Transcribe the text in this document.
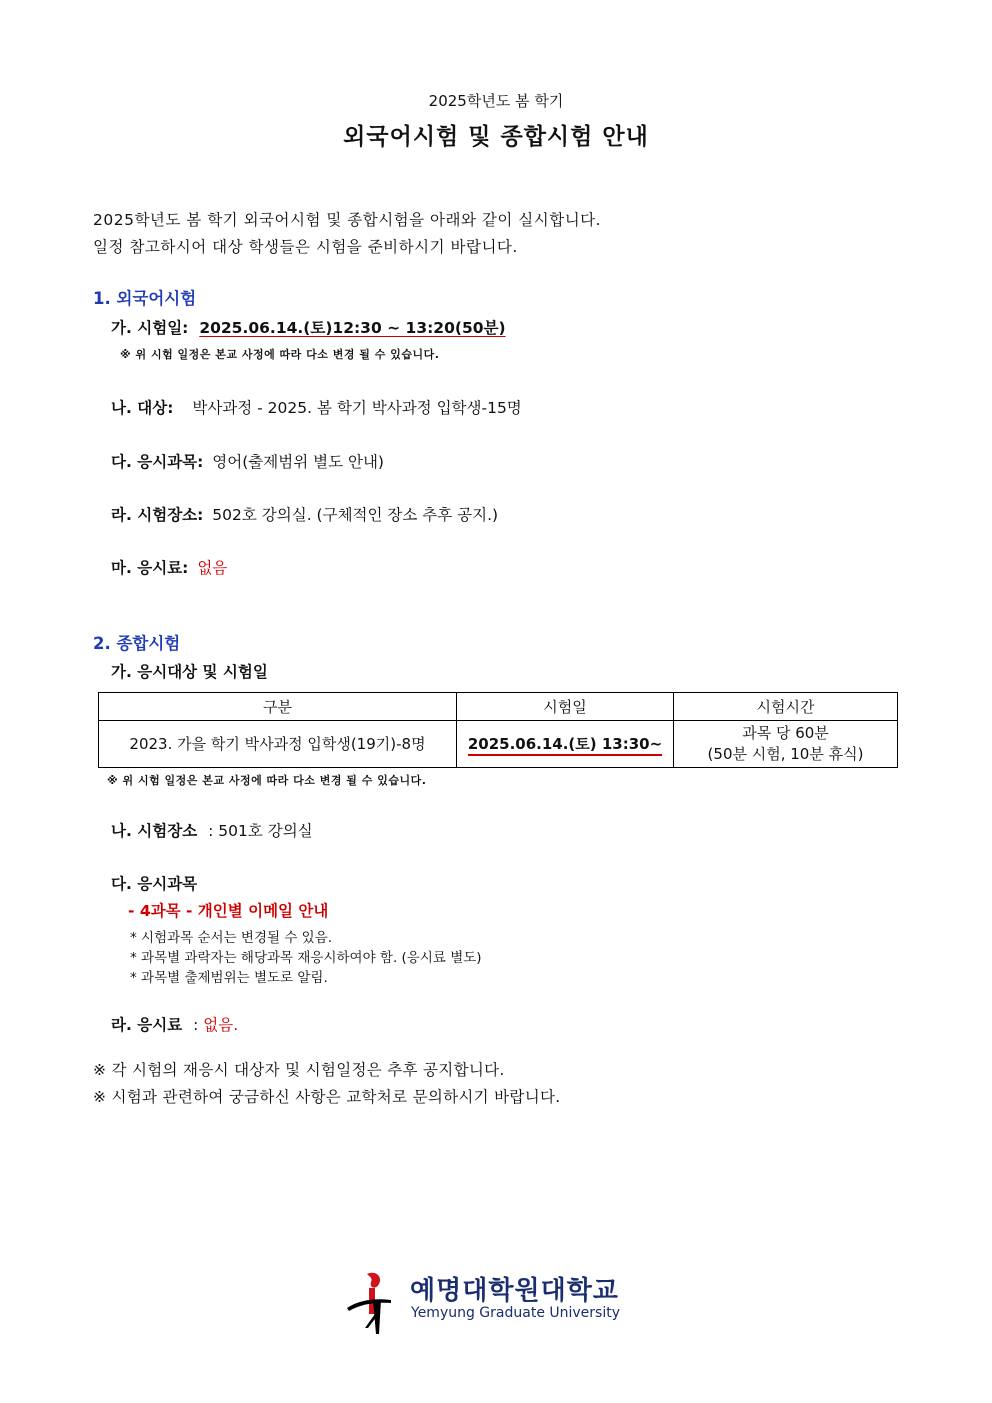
2025학년도 봄 학기
외국어시험 및 종합시험 안내
2025학년도 봄 학기 외국어시험 및 종합시험을 아래와 같이 실시합니다.
일정 참고하시어 대상 학생들은 시험을 준비하시기 바랍니다.
1. 외국어시험
가. 시험일: 2025.06.14.(토)12:30 ~ 13:20(50분)
※ 위 시험 일정은 본교 사정에 따라 다소 변경 될 수 있습니다.
나. 대상: 박사과정 - 2025. 봄 학기 박사과정 입학생-15명
다. 응시과목: 영어(출제범위 별도 안내)
라. 시험장소: 502호 강의실. (구체적인 장소 추후 공지.)
마. 응시료: 없음
2. 종합시험
가. 응시대상 및 시험일
구분	시험일	시험시간
2023. 가을 학기 박사과정 입학생(19기)-8명	2025.06.14.(토) 13:30~	과목 당 60분
(50분 시험, 10분 휴식)
※ 위 시험 일정은 본교 사정에 따라 다소 변경 될 수 있습니다.
나. 시험장소 : 501호 강의실
다. 응시과목
- 4과목 - 개인별 이메일 안내
* 시험과목 순서는 변경될 수 있음.
* 과목별 과락자는 해당과목 재응시하여야 함. (응시료 별도)
* 과목별 출제범위는 별도로 알림.
라. 응시료 : 없음.
※ 각 시험의 재응시 대상자 및 시험일정은 추후 공지합니다.
※ 시험과 관련하여 궁금하신 사항은 교학처로 문의하시기 바랍니다.
예명대학원대학교
Yemyung Graduate University
